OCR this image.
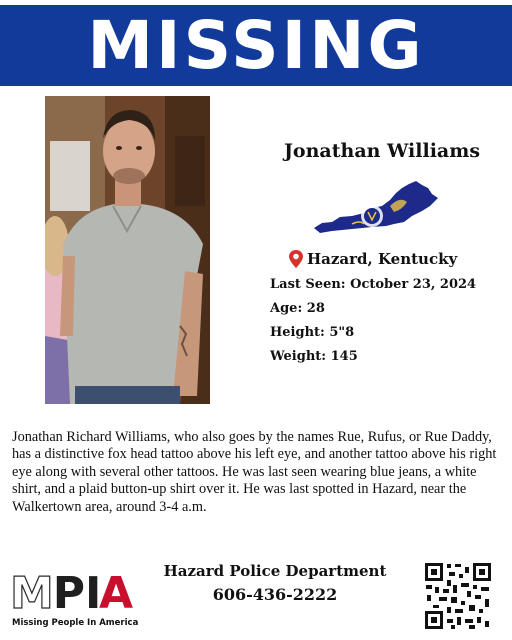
MISSING
Jonathan Williams
Hazard, Kentucky
Last Seen: October 23, 2024
Age: 28
Height: 5"8
Weight: 145
Jonathan Richard Williams, who also goes by the names Rue, Rufus, or Rue Daddy, has a distinctive fox head tattoo above his left eye, and another tattoo above his right eye along with several other tattoos. He was last seen wearing blue jeans, a white shirt, and a plaid button-up shirt over it. He was last spotted in Hazard, near the Walkertown area, around 3-4 a.m.
M P I
A
Missing People In America
Hazard Police Department
606-436-2222
